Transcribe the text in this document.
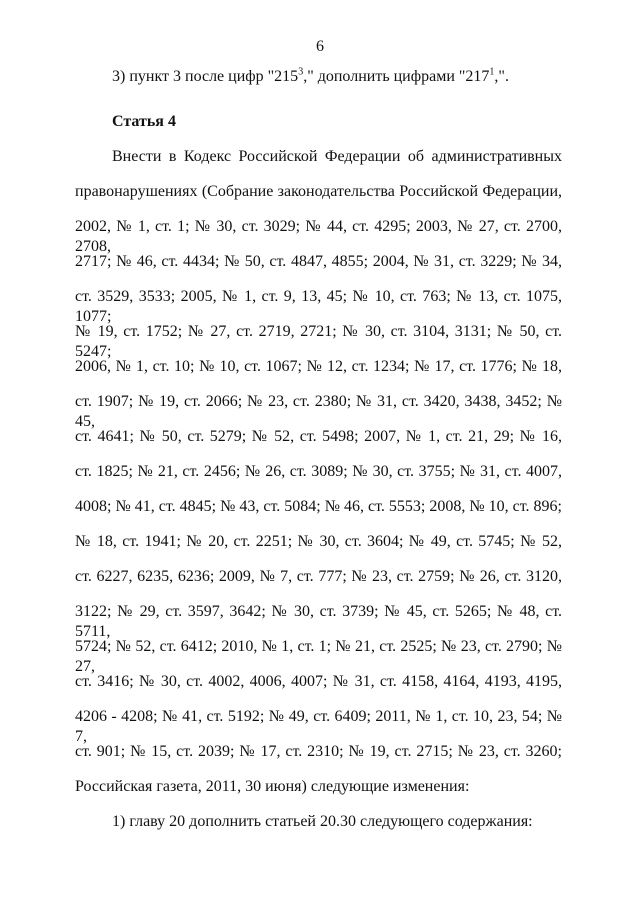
6
3) пункт 3 после цифр "$215^3$," дополнить цифрами "$217^1$,".
Статья 4
Внести в Кодекс Российской Федерации об административных
правонарушениях (Собрание законодательства Российской Федерации,
2002, № 1, ст. 1; № 30, ст. 3029; № 44, ст. 4295; 2003, № 27, ст. 2700, 2708,
2717; № 46, ст. 4434; № 50, ст. 4847, 4855; 2004, № 31, ст. 3229; № 34,
ст. 3529, 3533; 2005, № 1, ст. 9, 13, 45; № 10, ст. 763; № 13, ст. 1075, 1077;
№ 19, ст. 1752; № 27, ст. 2719, 2721; № 30, ст. 3104, 3131; № 50, ст. 5247;
2006, № 1, ст. 10; № 10, ст. 1067; № 12, ст. 1234; № 17, ст. 1776; № 18,
ст. 1907; № 19, ст. 2066; № 23, ст. 2380; № 31, ст. 3420, 3438, 3452; № 45,
ст. 4641; № 50, ст. 5279; № 52, ст. 5498; 2007, № 1, ст. 21, 29; № 16,
ст. 1825; № 21, ст. 2456; № 26, ст. 3089; № 30, ст. 3755; № 31, ст. 4007,
4008; № 41, ст. 4845; № 43, ст. 5084; № 46, ст. 5553; 2008, № 10, ст. 896;
№ 18, ст. 1941; № 20, ст. 2251; № 30, ст. 3604; № 49, ст. 5745; № 52,
ст. 6227, 6235, 6236; 2009, № 7, ст. 777; № 23, ст. 2759; № 26, ст. 3120,
3122; № 29, ст. 3597, 3642; № 30, ст. 3739; № 45, ст. 5265; № 48, ст. 5711,
5724; № 52, ст. 6412; 2010, № 1, ст. 1; № 21, ст. 2525; № 23, ст. 2790; № 27,
ст. 3416; № 30, ст. 4002, 4006, 4007; № 31, ст. 4158, 4164, 4193, 4195,
4206 - 4208; № 41, ст. 5192; № 49, ст. 6409; 2011, № 1, ст. 10, 23, 54; № 7,
ст. 901; № 15, ст. 2039; № 17, ст. 2310; № 19, ст. 2715; № 23, ст. 3260;
Российская газета, 2011, 30 июня) следующие изменения:
1) главу 20 дополнить статьей 20.30 следующего содержания:
